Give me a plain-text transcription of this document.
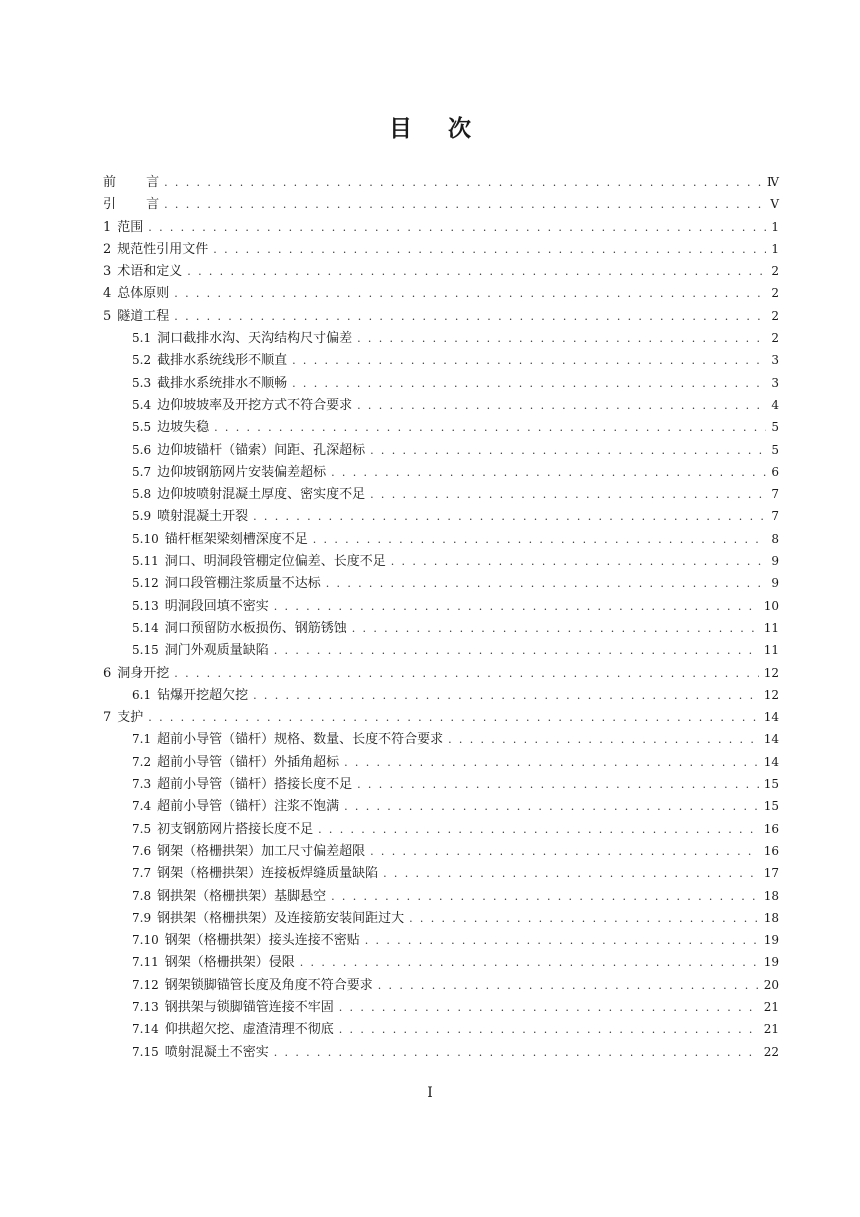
目 次
前 言 . . .	Ⅳ
引 言 . . .	Ⅴ
1 范围 . . .	1
2 规范性引用文件 . . .	1
3 术语和定义 . . .	2
4 总体原则 . . .	2
5 隧道工程 . . .	2
5.1 洞口截排水沟、天沟结构尺寸偏差 . . .	2
5.2 截排水系统线形不顺直 . . .	3
5.3 截排水系统排水不顺畅 . . .	3
5.4 边仰坡坡率及开挖方式不符合要求 . . .	4
5.5 边坡失稳 . . .	5
5.6 边仰坡锚杆（锚索）间距、孔深超标 . . .	5
5.7 边仰坡钢筋网片安装偏差超标 . . .	6
5.8 边仰坡喷射混凝土厚度、密实度不足 . . .	7
5.9 喷射混凝土开裂 . . .	7
5.10 锚杆框架梁刻槽深度不足 . . .	8
5.11 洞口、明洞段管棚定位偏差、长度不足 . . .	9
5.12 洞口段管棚注浆质量不达标 . . .	9
5.13 明洞段回填不密实 . . .	10
5.14 洞口预留防水板损伤、钢筋锈蚀 . . .	11
5.15 洞门外观质量缺陷 . . .	11
6 洞身开挖 . . .	12
6.1 钻爆开挖超欠挖 . . .	12
7 支护 . . .	14
7.1 超前小导管（锚杆）规格、数量、长度不符合要求 . . .	14
7.2 超前小导管（锚杆）外插角超标 . . .	14
7.3 超前小导管（锚杆）搭接长度不足 . . .	15
7.4 超前小导管（锚杆）注浆不饱满 . . .	15
7.5 初支钢筋网片搭接长度不足 . . .	16
7.6 钢架（格栅拱架）加工尺寸偏差超限 . . .	16
7.7 钢架（格栅拱架）连接板焊缝质量缺陷 . . .	17
7.8 钢拱架（格栅拱架）基脚悬空 . . .	18
7.9 钢拱架（格栅拱架）及连接筋安装间距过大 . . .	18
7.10 钢架（格栅拱架）接头连接不密贴 . . .	19
7.11 钢架（格栅拱架）侵限 . . .	19
7.12 钢架锁脚锚管长度及角度不符合要求 . . .	20
7.13 钢拱架与锁脚锚管连接不牢固 . . .	21
7.14 仰拱超欠挖、虚渣清理不彻底 . . .	21
7.15 喷射混凝土不密实 . . .	22
I
